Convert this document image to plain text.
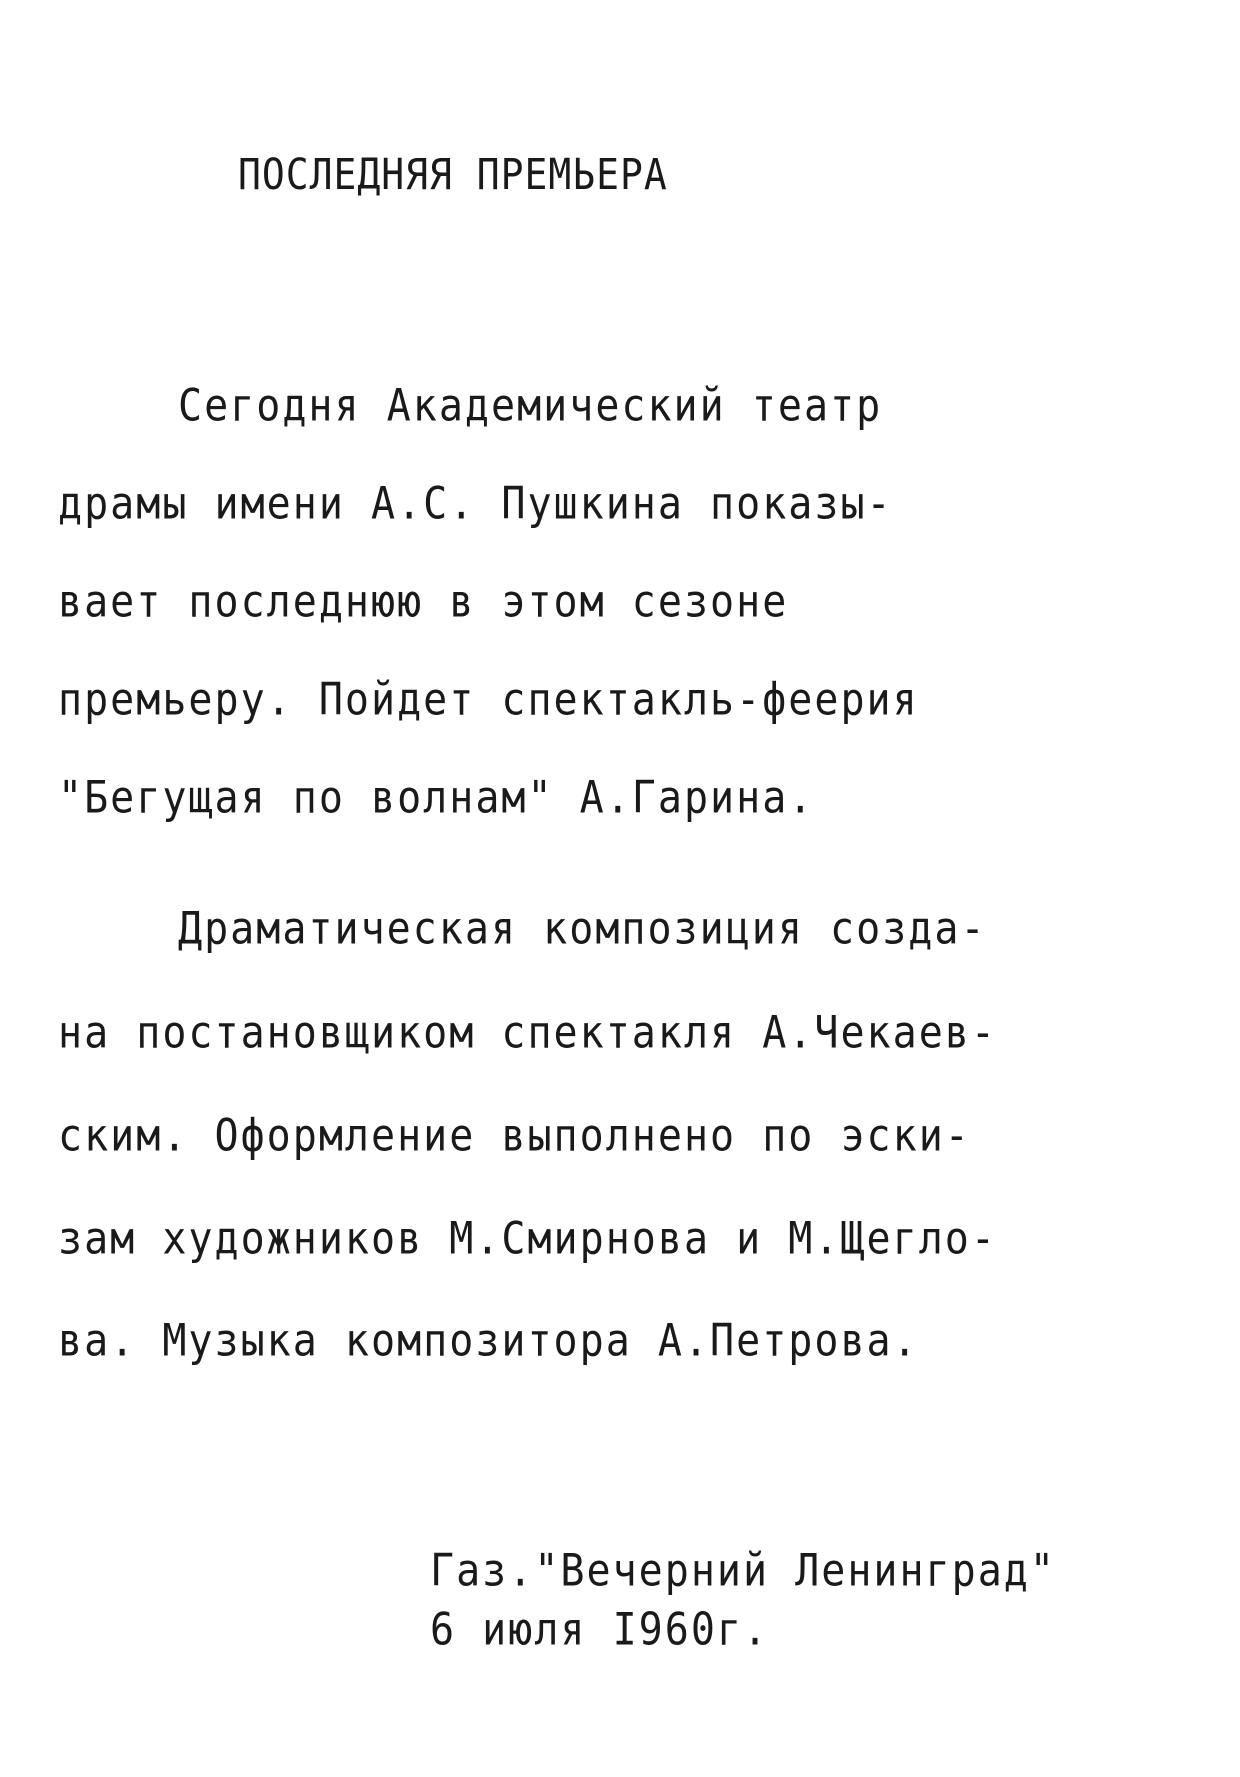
ПОСЛЕДНЯЯ ПРЕМЬЕРА
Сегодня Академический театр
драмы имени А.С. Пушкина показы-
вает последнюю в этом сезоне
премьеру. Пойдет спектакль-феерия
"Бегущая по волнам" А.Гарина.
Драматическая композиция созда-
на постановщиком спектакля А.Чекаев-
ским. Оформление выполнено по эски-
зам художников М.Смирнова и М.Щегло-
ва. Музыка композитора А.Петрова.
Газ."Вечерний Ленинград"
6 июля I960г.
